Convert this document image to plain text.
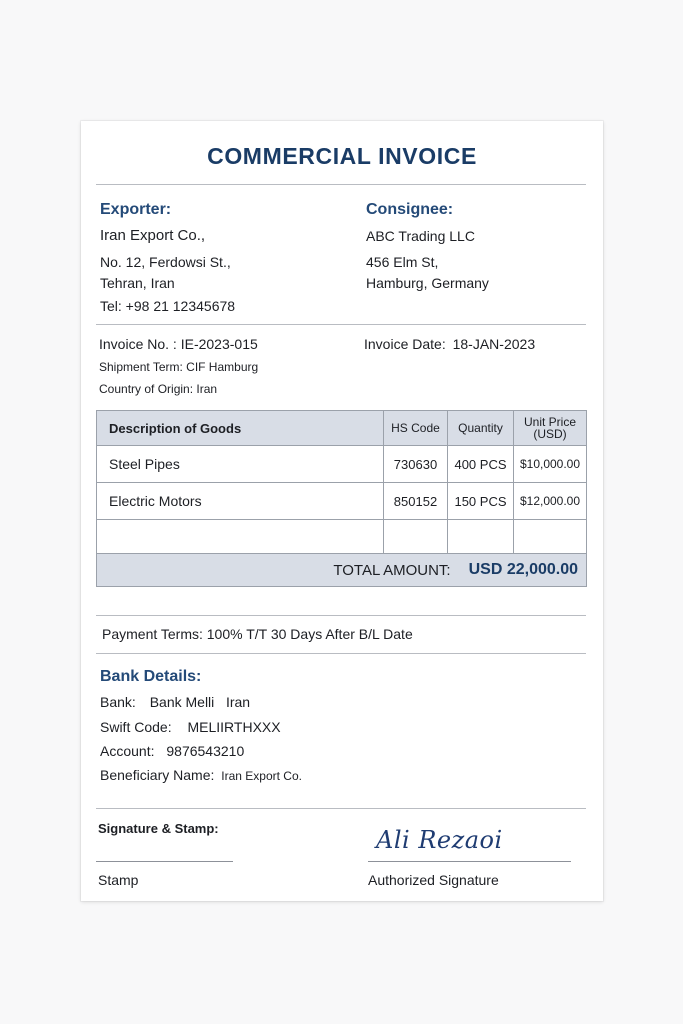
COMMERCIAL INVOICE
Exporter:
Iran Export Co.,
No. 12, Ferdowsi St.,
Tehran, Iran
Tel: +98 21 12345678
Consignee:
ABC Trading LLC
456 Elm St,
Hamburg, Germany
Invoice No. : IE-2023-015	Invoice Date: 18-JAN-2023
Shipment Term: CIF Hamburg
Country of Origin: Iran
Description of Goods	HS Code	Quantity	Unit Price
(USD)
Steel Pipes	730630	400 PCS	$10,000.00
Electric Motors	850152	150 PCS	$12,000.00

TOTAL AMOUNT: USD 22,000.00			
Payment Terms: 100% T/T 30 Days After B/L Date
Bank Details:
Bank: Bank Melli   Iran
Swift Code: MELIIRTHXXX
Account: 9876543210
Beneficiary Name: Iran Export Co.
Signature & Stamp:	Ali Rezaoi
Stamp	Authorized Signature
